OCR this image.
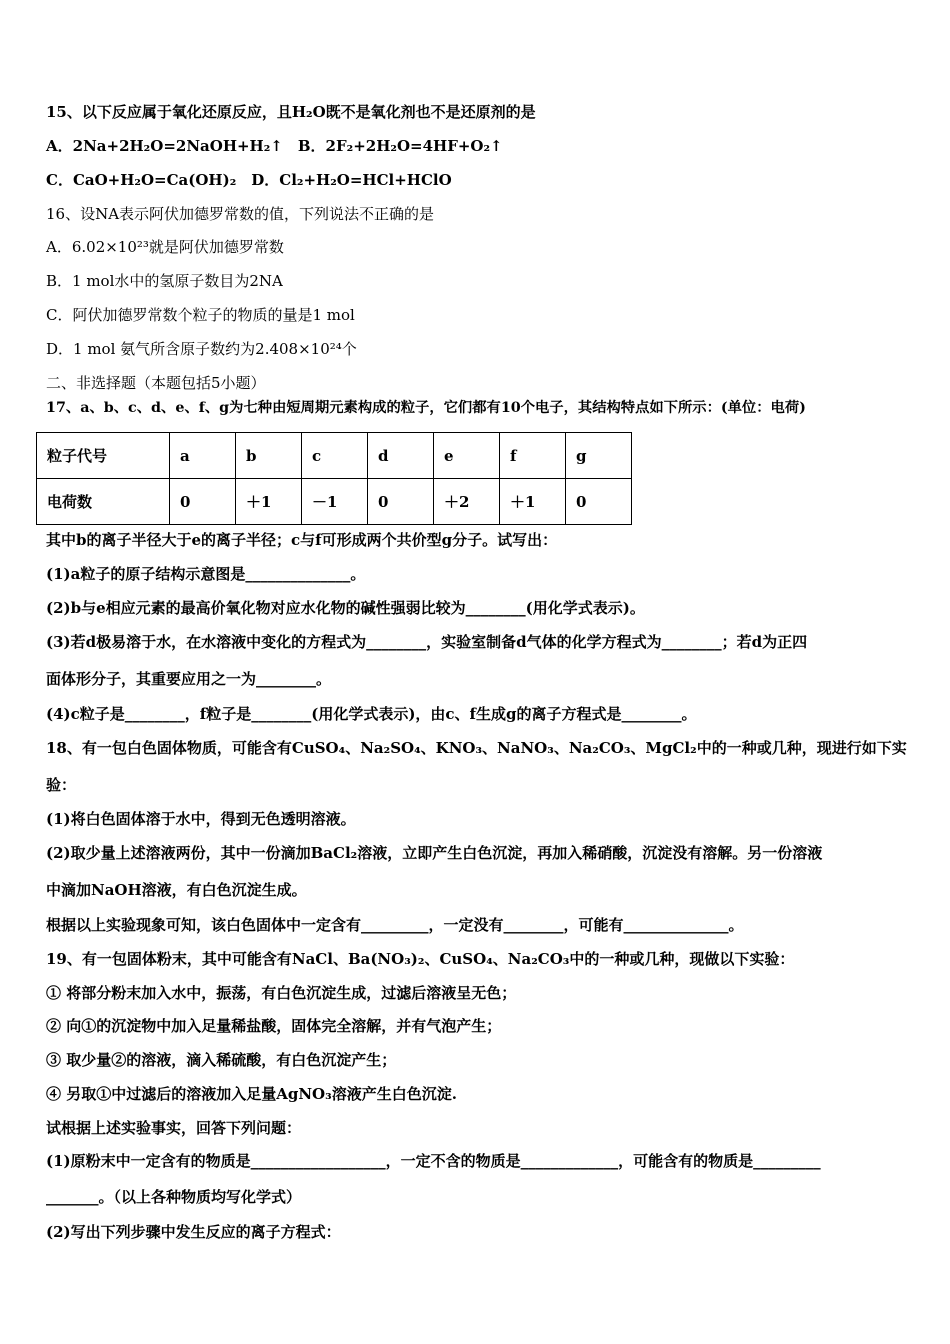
15、以下反应属于氧化还原反应，且H₂O既不是氧化剂也不是还原剂的是
A．2Na+2H₂O=2NaOH+H₂↑　B．2F₂+2H₂O=4HF+O₂↑
C．CaO+H₂O=Ca(OH)₂　D．Cl₂+H₂O=HCl+HClO
16、设NA表示阿伏加德罗常数的值，下列说法不正确的是
A．6.02×10²³就是阿伏加德罗常数
B．1 mol水中的氢原子数目为2NA
C．阿伏加德罗常数个粒子的物质的量是1 mol
D．1 mol 氨气所含原子数约为2.408×10²⁴个
二、非选择题（本题包括5小题）
17、a、b、c、d、e、f、g为七种由短周期元素构成的粒子，它们都有10个电子，其结构特点如下所示：(单位：电荷)
粒子代号	a	b	c	d	e	f	g
电荷数	0	＋1	－1	0	＋2	＋1	0
其中b的离子半径大于e的离子半径；c与f可形成两个共价型g分子。试写出：
(1)a粒子的原子结构示意图是______________。
(2)b与e相应元素的最高价氧化物对应水化物的碱性强弱比较为________(用化学式表示)。
(3)若d极易溶于水，在水溶液中变化的方程式为________，实验室制备d气体的化学方程式为________；若d为正四
面体形分子，其重要应用之一为________。
(4)c粒子是________，f粒子是________(用化学式表示)，由c、f生成g的离子方程式是________。
18、有一包白色固体物质，可能含有CuSO₄、Na₂SO₄、KNO₃、NaNO₃、Na₂CO₃、MgCl₂中的一种或几种，现进行如下实
验：
(1)将白色固体溶于水中，得到无色透明溶液。
(2)取少量上述溶液两份，其中一份滴加BaCl₂溶液，立即产生白色沉淀，再加入稀硝酸，沉淀没有溶解。另一份溶液
中滴加NaOH溶液，有白色沉淀生成。
根据以上实验现象可知，该白色固体中一定含有_________，一定没有________，可能有______________。
19、有一包固体粉末，其中可能含有NaCl、Ba(NO₃)₂、CuSO₄、Na₂CO₃中的一种或几种，现做以下实验：
① 将部分粉末加入水中，振荡，有白色沉淀生成，过滤后溶液呈无色；
② 向①的沉淀物中加入足量稀盐酸，固体完全溶解，并有气泡产生；
③ 取少量②的溶液，滴入稀硫酸，有白色沉淀产生；
④ 另取①中过滤后的溶液加入足量AgNO₃溶液产生白色沉淀.
试根据上述实验事实，回答下列问题：
(1)原粉末中一定含有的物质是__________________，一定不含的物质是_____________，可能含有的物质是_________
_______。（以上各种物质均写化学式）
(2)写出下列步骤中发生反应的离子方程式：
